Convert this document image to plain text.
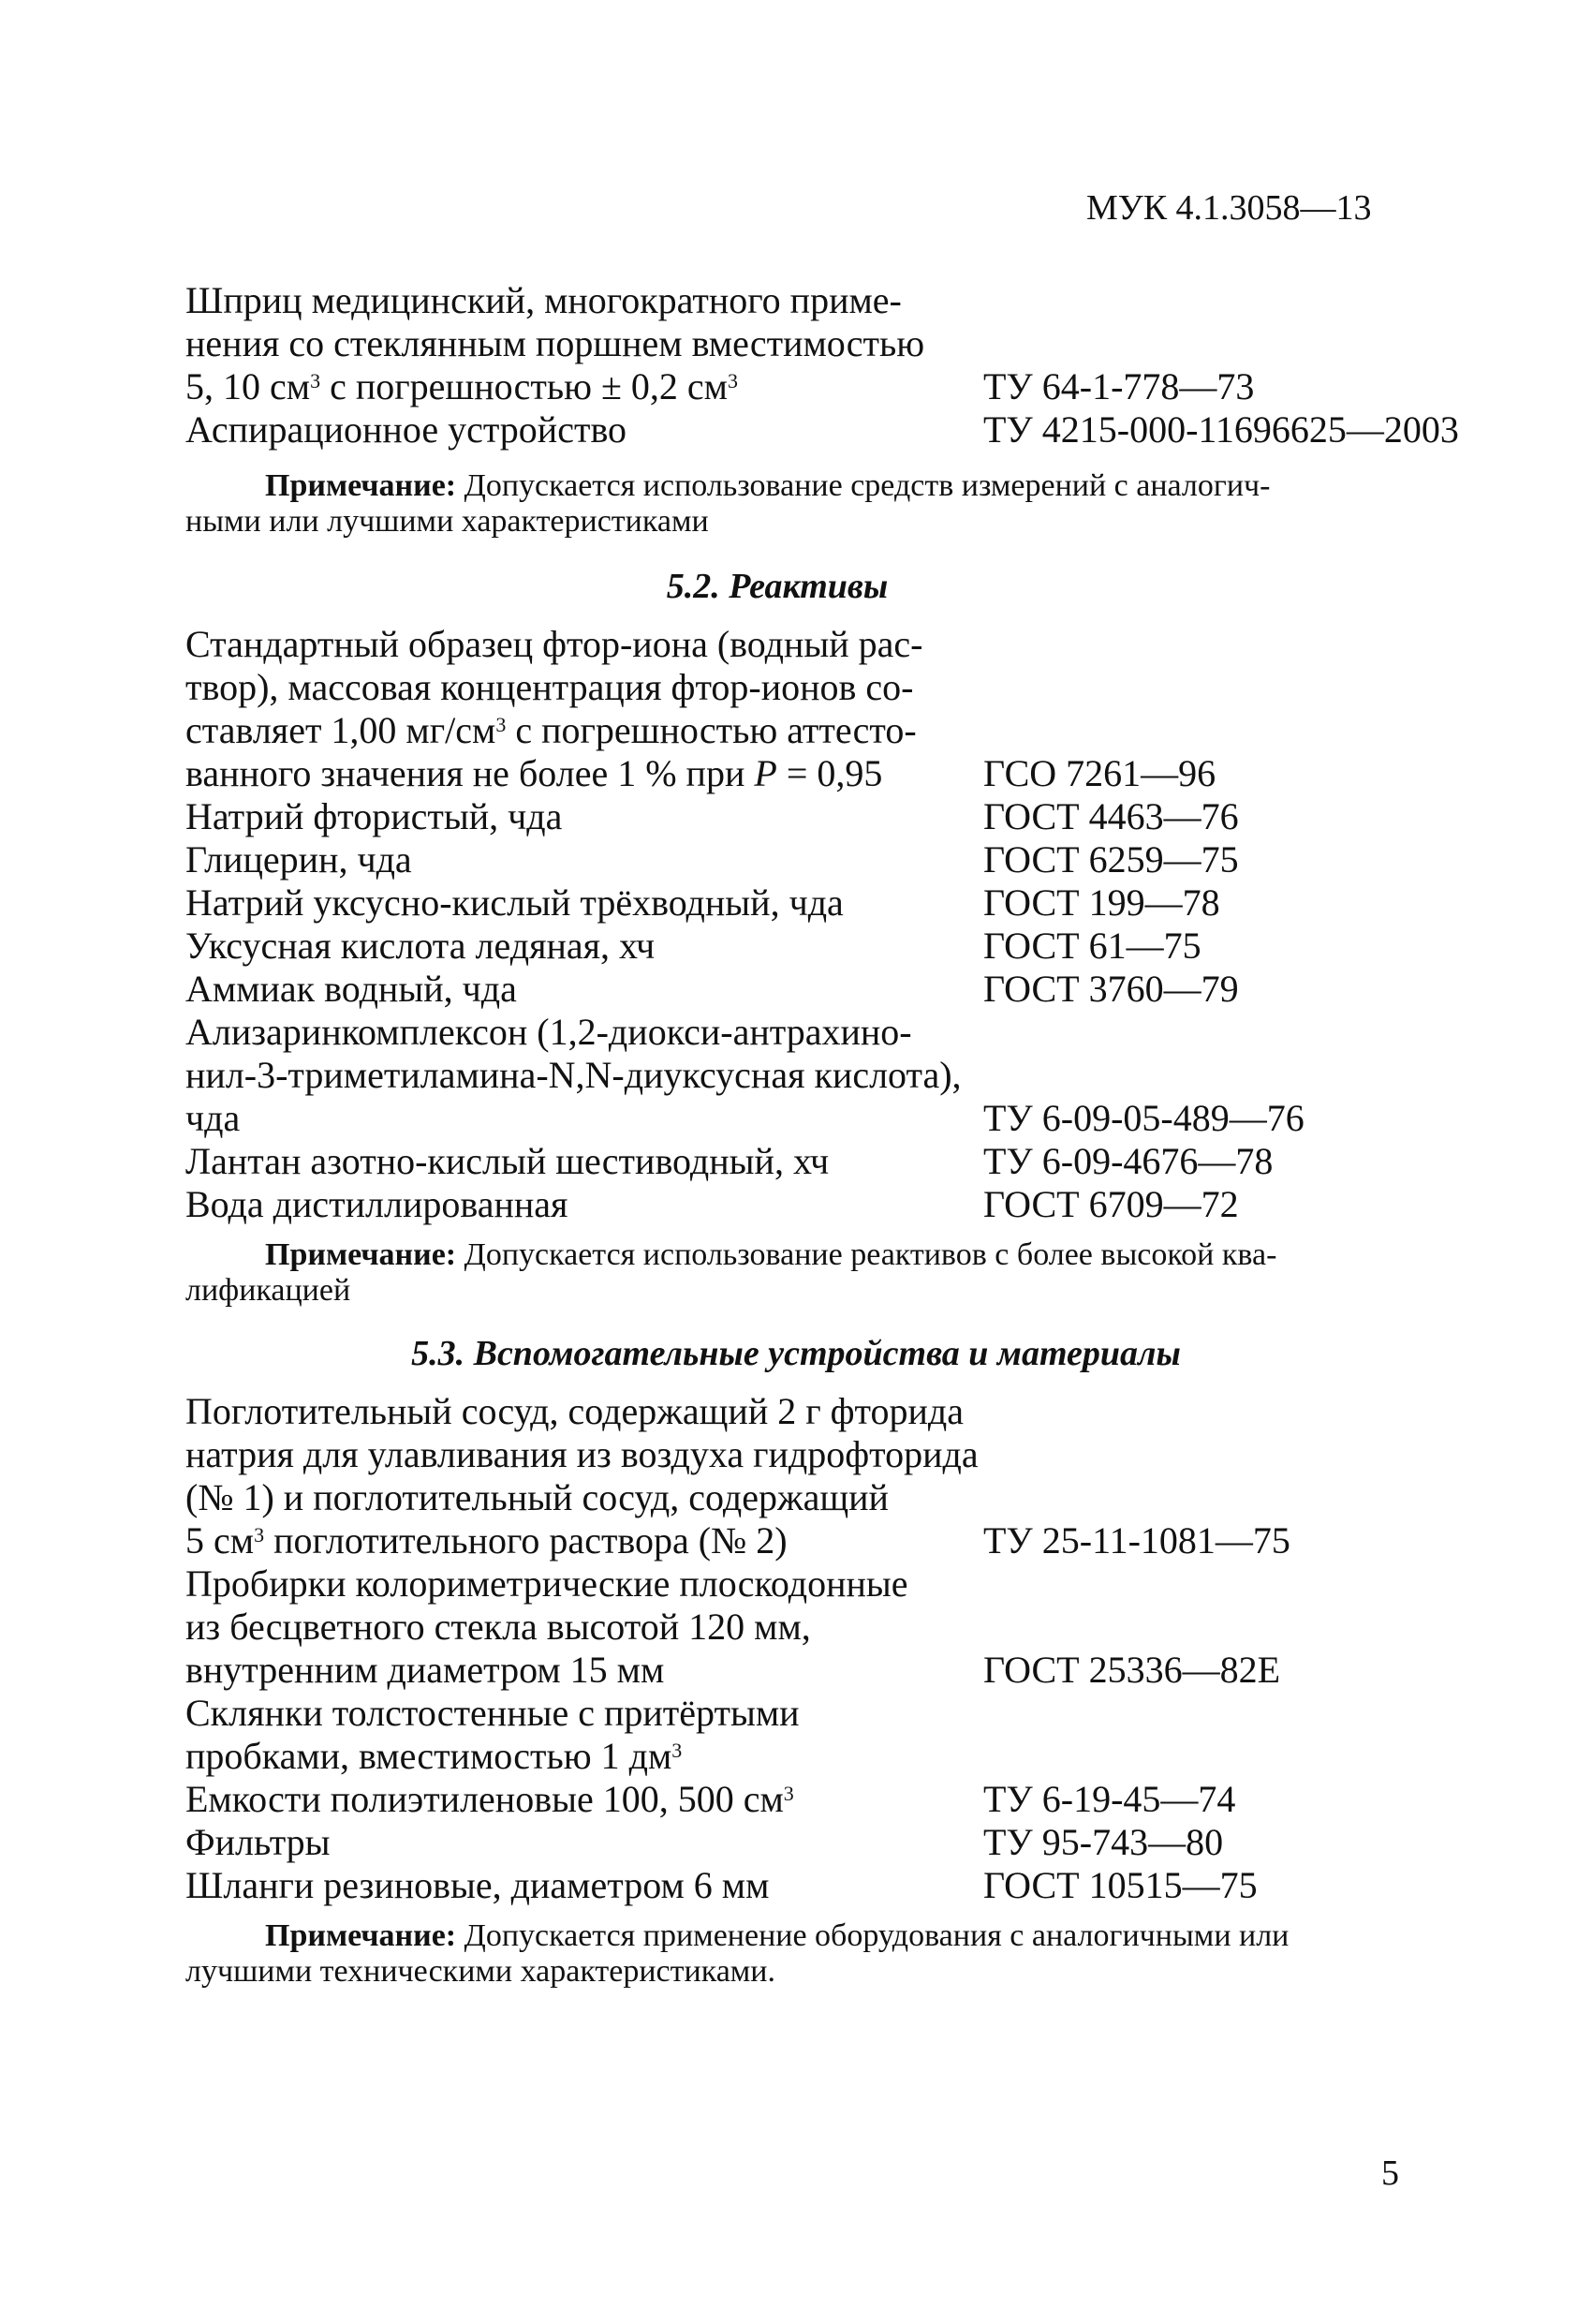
МУК 4.1.3058—13
Шприц медицинский, многократного приме-
нения со стеклянным поршнем вместимостью
5, 10 $см^3$ с погрешностью ± 0,2 $см^3$	ТУ 64-1-778—73
Аспирационное устройство	ТУ 4215-000-11696625—2003
Примечание: Допускается использование средств измерений с аналогич-
ными или лучшими характеристиками
5.2. Реактивы
Стандартный образец фтор-иона (водный рас-
твор), массовая концентрация фтор-ионов со-
ставляет 1,00 $мг/см^3$ с погрешностью аттесто-
ванного значения не более 1 % при P = 0,95	ГСО 7261—96
Натрий фтористый, чда	ГОСТ 4463—76
Глицерин, чда	ГОСТ 6259—75
Натрий уксусно-кислый трёхводный, чда	ГОСТ 199—78
Уксусная кислота ледяная, хч	ГОСТ 61—75
Аммиак водный, чда	ГОСТ 3760—79
Ализаринкомплексон (1,2-диокси-антрахино-
нил-3-триметиламина-N,N-диуксусная кислота),
чда	ТУ 6-09-05-489—76
Лантан азотно-кислый шестиводный, хч	ТУ 6-09-4676—78
Вода дистиллированная	ГОСТ 6709—72
Примечание: Допускается использование реактивов с более высокой ква-
лификацией
5.3. Вспомогательные устройства и материалы
Поглотительный сосуд, содержащий 2 г фторида
натрия для улавливания из воздуха гидрофторида
(№ 1) и поглотительный сосуд, содержащий
5 $см^3$ поглотительного раствора (№ 2)	ТУ 25-11-1081—75
Пробирки колориметрические плоскодонные
из бесцветного стекла высотой 120 мм,
внутренним диаметром 15 мм	ГОСТ 25336—82Е
Склянки толстостенные с притёртыми
пробками, вместимостью 1 $дм^3$
Емкости полиэтиленовые 100, 500 $см^3$	ТУ 6-19-45—74
Фильтры	ТУ 95-743—80
Шланги резиновые, диаметром 6 мм	ГОСТ 10515—75
Примечание: Допускается применение оборудования с аналогичными или
лучшими техническими характеристиками.
5
